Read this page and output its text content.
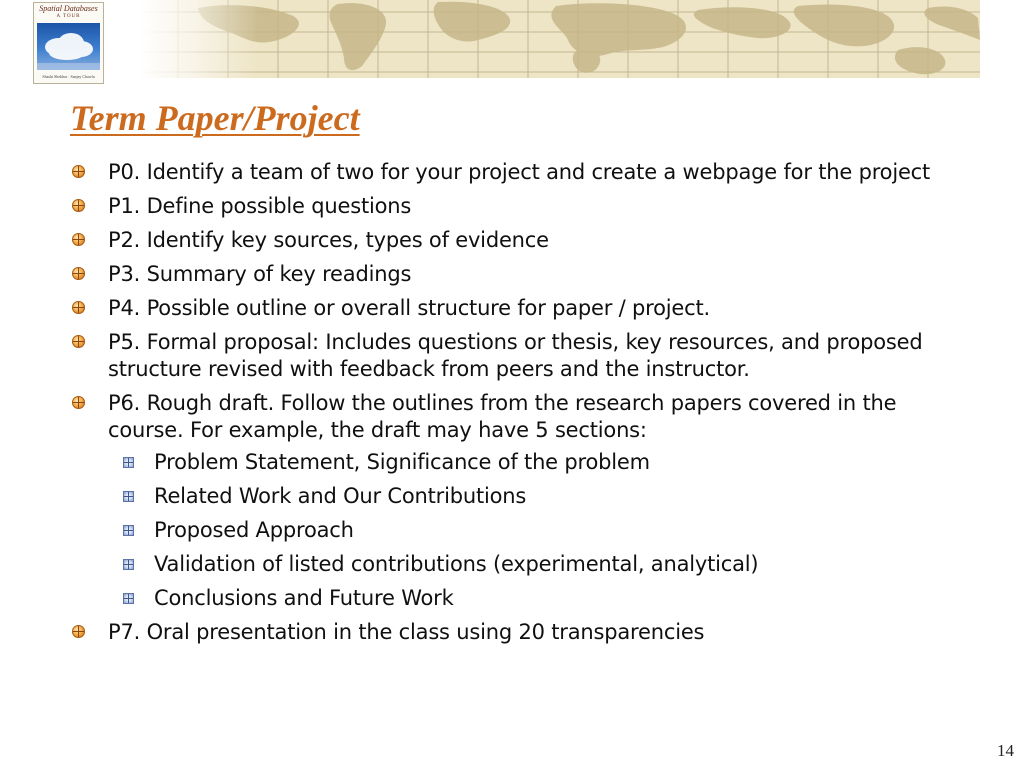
Spatial Databases
A TOUR
Shashi Shekhar · Sanjay Chawla
Term Paper/Project
P0. Identify a team of two for your project and create a webpage for the project
P1. Define possible questions
P2. Identify key sources, types of evidence
P3. Summary of key readings
P4. Possible outline or overall structure for paper / project.
P5. Formal proposal: Includes questions or thesis, key resources, and proposed structure revised with feedback from peers and the instructor.
P6. Rough draft. Follow the outlines from the research papers covered in the course. For example, the draft may have 5 sections:
Problem Statement, Significance of the problem
Related Work and Our Contributions
Proposed Approach
Validation of listed contributions (experimental, analytical)
Conclusions and Future Work
P7. Oral presentation in the class using 20 transparencies
14
